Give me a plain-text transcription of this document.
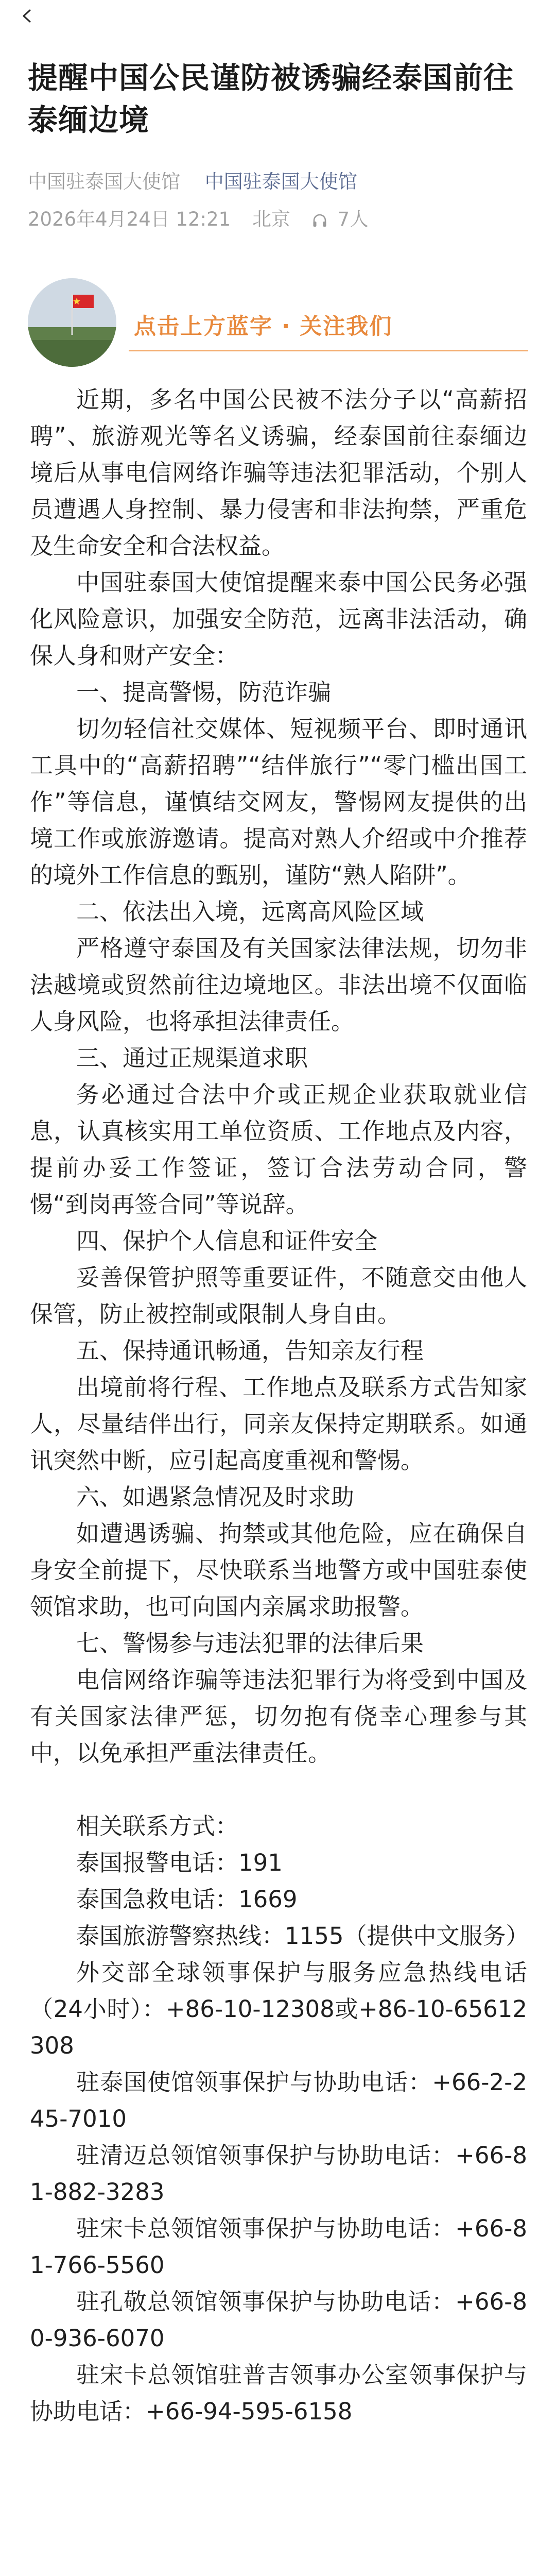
提醒中国公民谨防被诱骗经泰国前往泰缅边境
中国驻泰国大使馆 中国驻泰国大使馆
2026年4月24日 12:21 北京 7人
点击上方蓝字 · 关注我们

近期，多名中国公民被不法分子以“高薪招聘”、旅游观光等名义诱骗，经泰国前往泰缅边境后从事电信网络诈骗等违法犯罪活动，个别人员遭遇人身控制、暴力侵害和非法拘禁，严重危及生命安全和合法权益。

中国驻泰国大使馆提醒来泰中国公民务必强化风险意识，加强安全防范，远离非法活动，确保人身和财产安全：

一、提高警惕，防范诈骗

切勿轻信社交媒体、短视频平台、即时通讯工具中的“高薪招聘”“结伴旅行”“零门槛出国工作”等信息，谨慎结交网友，警惕网友提供的出境工作或旅游邀请。提高对熟人介绍或中介推荐的境外工作信息的甄别，谨防“熟人陷阱”。

二、依法出入境，远离高风险区域

严格遵守泰国及有关国家法律法规，切勿非法越境或贸然前往边境地区。非法出境不仅面临人身风险，也将承担法律责任。

三、通过正规渠道求职

务必通过合法中介或正规企业获取就业信息，认真核实用工单位资质、工作地点及内容，提前办妥工作签证，签订合法劳动合同，警惕“到岗再签合同”等说辞。

四、保护个人信息和证件安全

妥善保管护照等重要证件，不随意交由他人保管，防止被控制或限制人身自由。

五、保持通讯畅通，告知亲友行程

出境前将行程、工作地点及联系方式告知家人，尽量结伴出行，同亲友保持定期联系。如通讯突然中断，应引起高度重视和警惕。

六、如遇紧急情况及时求助

如遭遇诱骗、拘禁或其他危险，应在确保自身安全前提下，尽快联系当地警方或中国驻泰使领馆求助，也可向国内亲属求助报警。

七、警惕参与违法犯罪的法律后果

电信网络诈骗等违法犯罪行为将受到中国及有关国家法律严惩，切勿抱有侥幸心理参与其中，以免承担严重法律责任。

相关联系方式：

泰国报警电话：191

泰国急救电话：1669

泰国旅游警察热线：1155（提供中文服务）

外交部全球领事保护与服务应急热线电话（24小时）：+86-10-12308或+86-10-65612308

驻泰国使馆领事保护与协助电话：+66-2-245-7010

驻清迈总领馆领事保护与协助电话：+66-81-882-3283

驻宋卡总领馆领事保护与协助电话：+66-81-766-5560

驻孔敬总领馆领事保护与协助电话：+66-80-936-6070

驻宋卡总领馆驻普吉领事办公室领事保护与协助电话：+66-94-595-6158
